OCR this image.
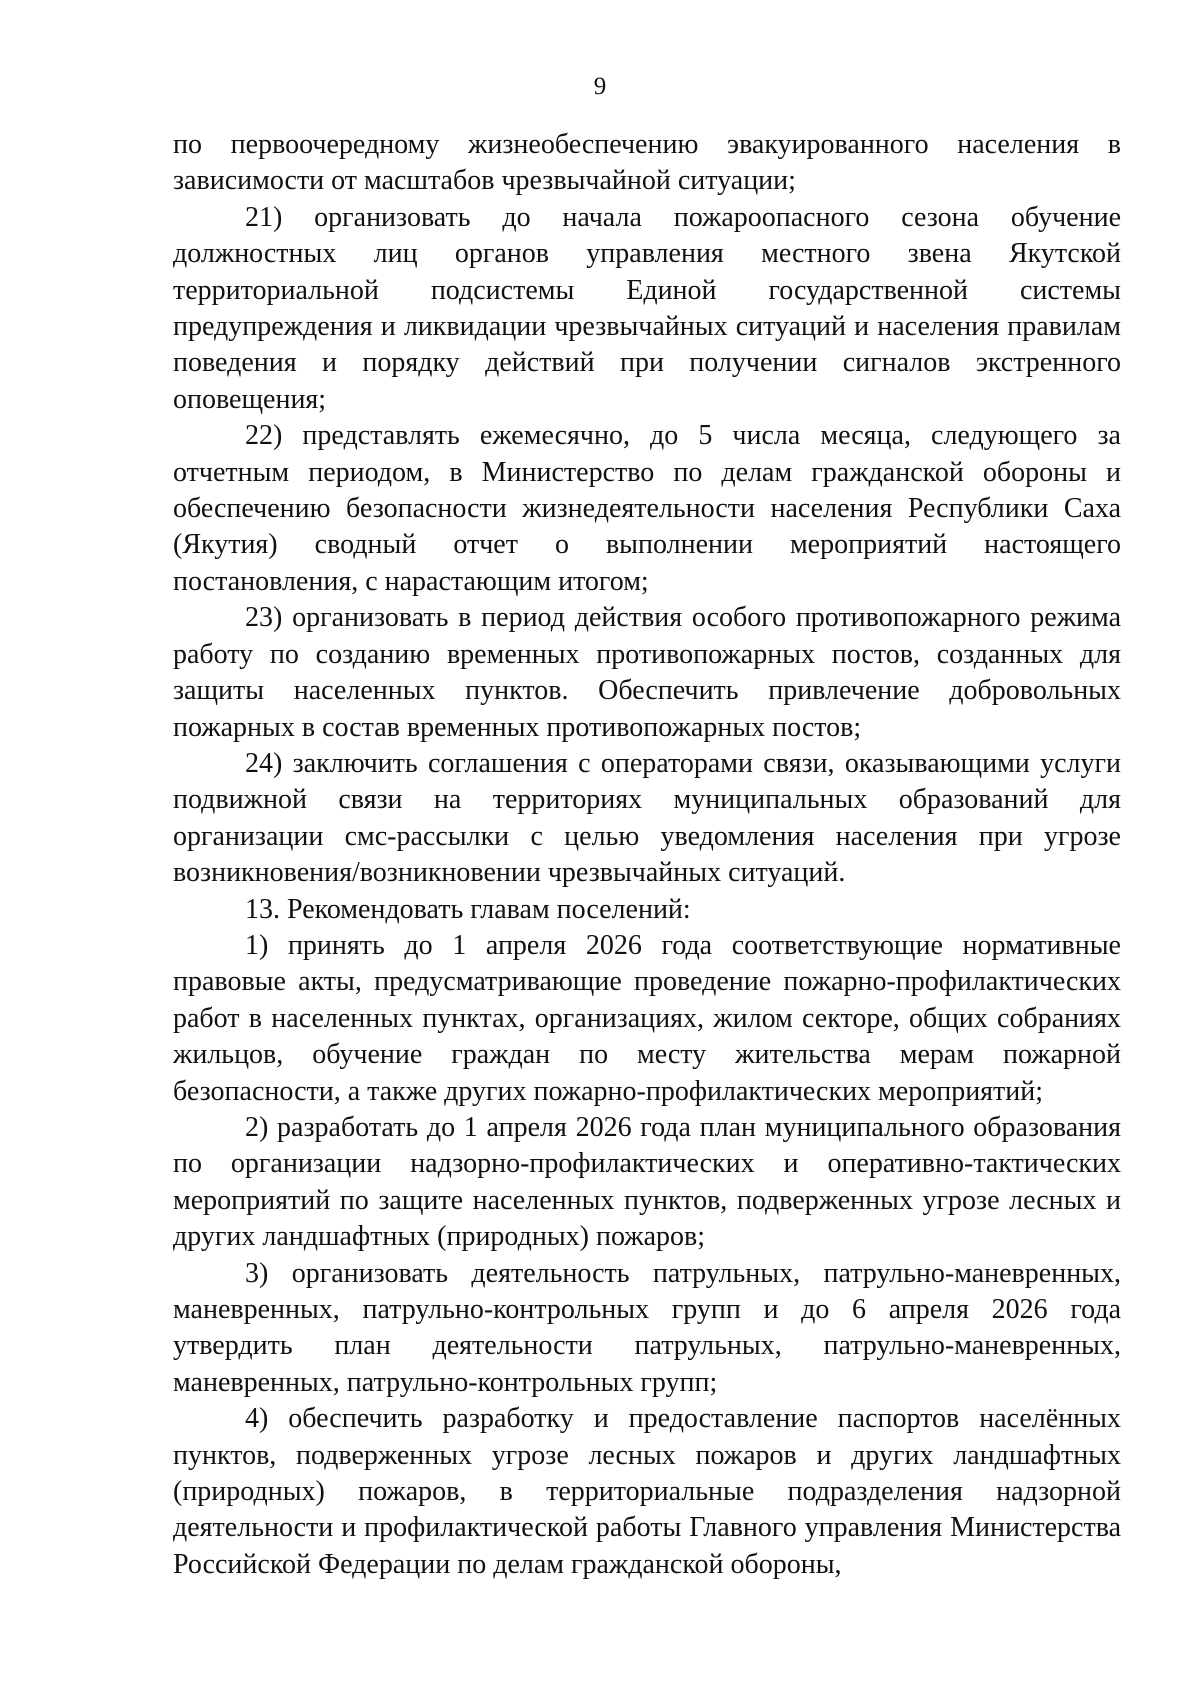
9

по первоочередному жизнеобеспечению эвакуированного населения в зависимости от масштабов чрезвычайной ситуации;

21) организовать до начала пожароопасного сезона обучение должностных лиц органов управления местного звена Якутской территориальной подсистемы Единой государственной системы предупреждения и ликвидации чрезвычайных ситуаций и населения правилам поведения и порядку действий при получении сигналов экстренного оповещения;

22) представлять ежемесячно, до 5 числа месяца, следующего за отчетным периодом, в Министерство по делам гражданской обороны и обеспечению безопасности жизнедеятельности населения Республики Саха (Якутия) сводный отчет о выполнении мероприятий настоящего постановления, с нарастающим итогом;

23) организовать в период действия особого противопожарного режима работу по созданию временных противопожарных постов, созданных для защиты населенных пунктов. Обеспечить привлечение добровольных пожарных в состав временных противопожарных постов;

24) заключить соглашения с операторами связи, оказывающими услуги подвижной связи на территориях муниципальных образований для организации смс-рассылки с целью уведомления населения при угрозе возникновения/возникновении чрезвычайных ситуаций.

13. Рекомендовать главам поселений:

1) принять до 1 апреля 2026 года соответствующие нормативные правовые акты, предусматривающие проведение пожарно-профилактических работ в населенных пунктах, организациях, жилом секторе, общих собраниях жильцов, обучение граждан по месту жительства мерам пожарной безопасности, а также других пожарно-профилактических мероприятий;

2) разработать до 1 апреля 2026 года план муниципального образования по организации надзорно-профилактических и оперативно-тактических мероприятий по защите населенных пунктов, подверженных угрозе лесных и других ландшафтных (природных) пожаров;

3) организовать деятельность патрульных, патрульно-маневренных, маневренных, патрульно-контрольных групп и до 6 апреля 2026 года утвердить план деятельности патрульных, патрульно-маневренных, маневренных, патрульно-контрольных групп;

4) обеспечить разработку и предоставление паспортов населённых пунктов, подверженных угрозе лесных пожаров и других ландшафтных (природных) пожаров, в территориальные подразделения надзорной деятельности и профилактической работы Главного управления Министерства Российской Федерации по делам гражданской обороны,
